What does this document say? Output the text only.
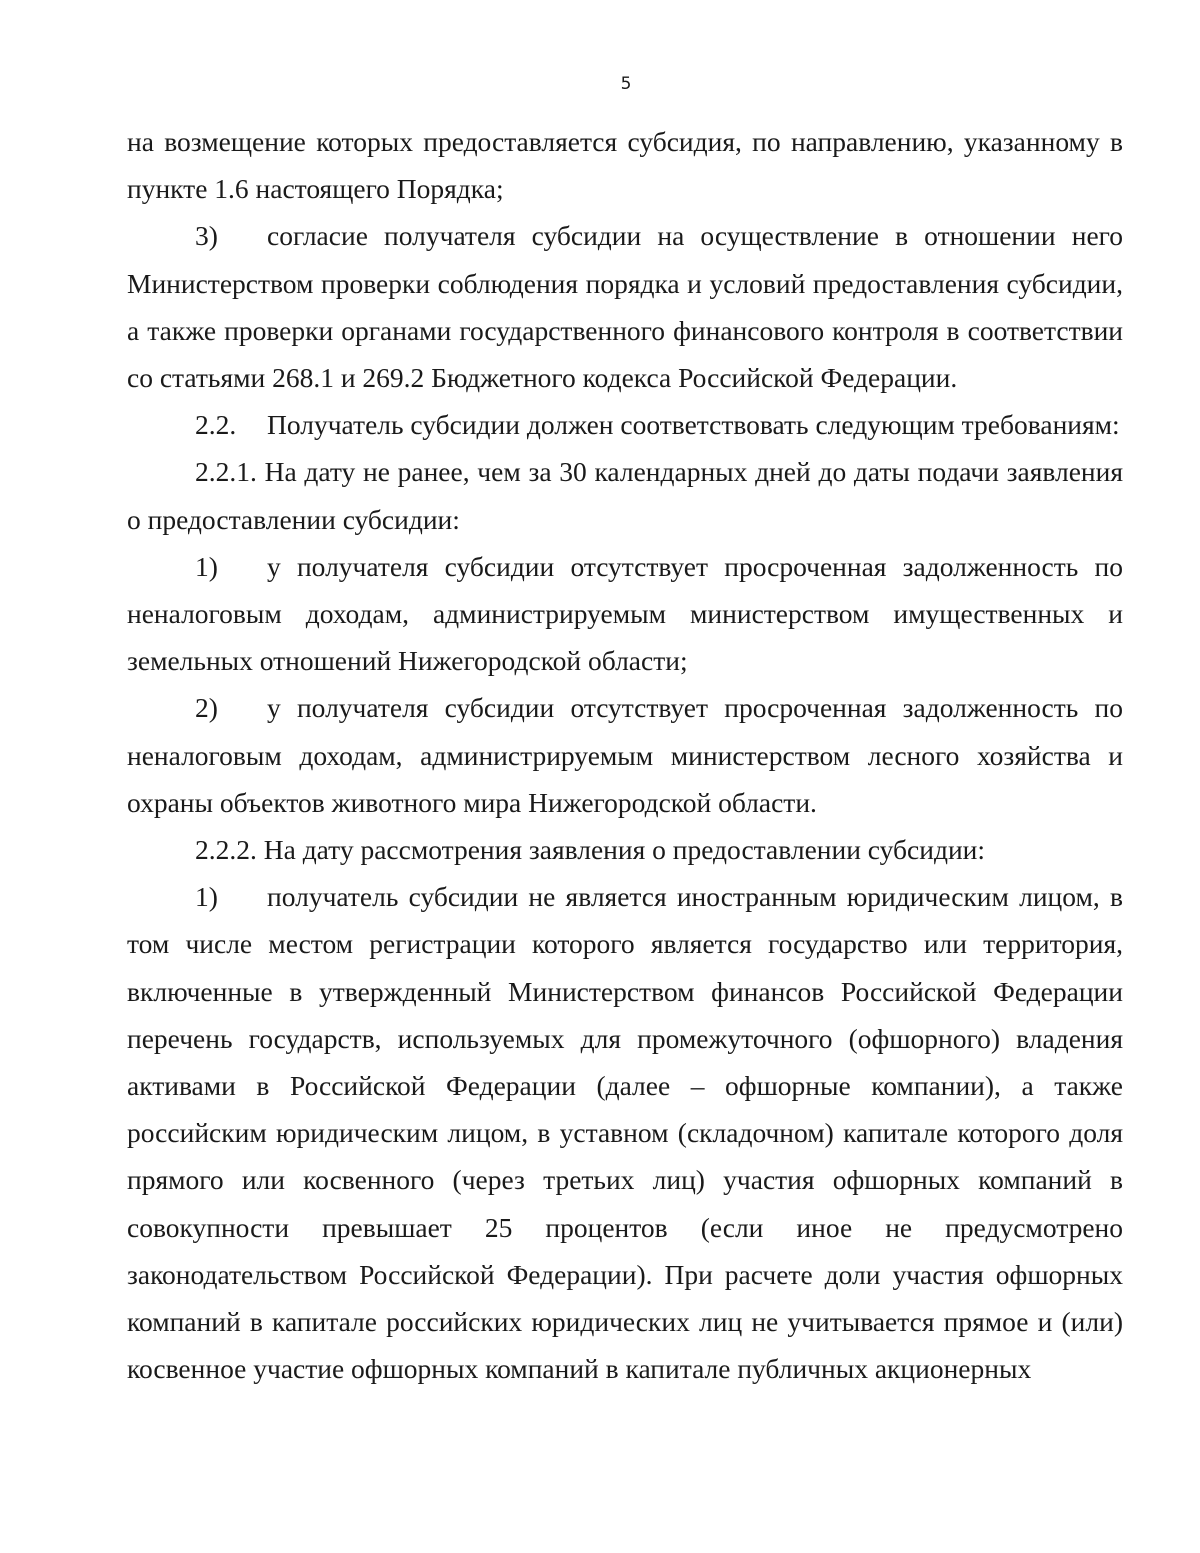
5

на возмещение которых предоставляется субсидия, по направлению, указанному в пункте 1.6 настоящего Порядка;

3) согласие получателя субсидии на осуществление в отношении него Министерством проверки соблюдения порядка и условий предоставления субсидии, а также проверки органами государственного финансового контроля в соответствии со статьями 268.1 и 269.2 Бюджетного кодекса Российской Федерации.

2.2. Получатель субсидии должен соответствовать следующим требованиям:

2.2.1. На дату не ранее, чем за 30 календарных дней до даты подачи заявления о предоставлении субсидии:

1) у получателя субсидии отсутствует просроченная задолженность по неналоговым доходам, администрируемым министерством имущественных и земельных отношений Нижегородской области;

2) у получателя субсидии отсутствует просроченная задолженность по неналоговым доходам, администрируемым министерством лесного хозяйства и охраны объектов животного мира Нижегородской области.

2.2.2. На дату рассмотрения заявления о предоставлении субсидии:

1) получатель субсидии не является иностранным юридическим лицом, в том числе местом регистрации которого является государство или территория, включенные в утвержденный Министерством финансов Российской Федерации перечень государств, используемых для промежуточного (офшорного) владения активами в Российской Федерации (далее – офшорные компании), а также российским юридическим лицом, в уставном (складочном) капитале которого доля прямого или косвенного (через третьих лиц) участия офшорных компаний в совокупности превышает 25 процентов (если иное не предусмотрено законодательством Российской Федерации). При расчете доли участия офшорных компаний в капитале российских юридических лиц не учитывается прямое и (или) косвенное участие офшорных компаний в капитале публичных акционерных
